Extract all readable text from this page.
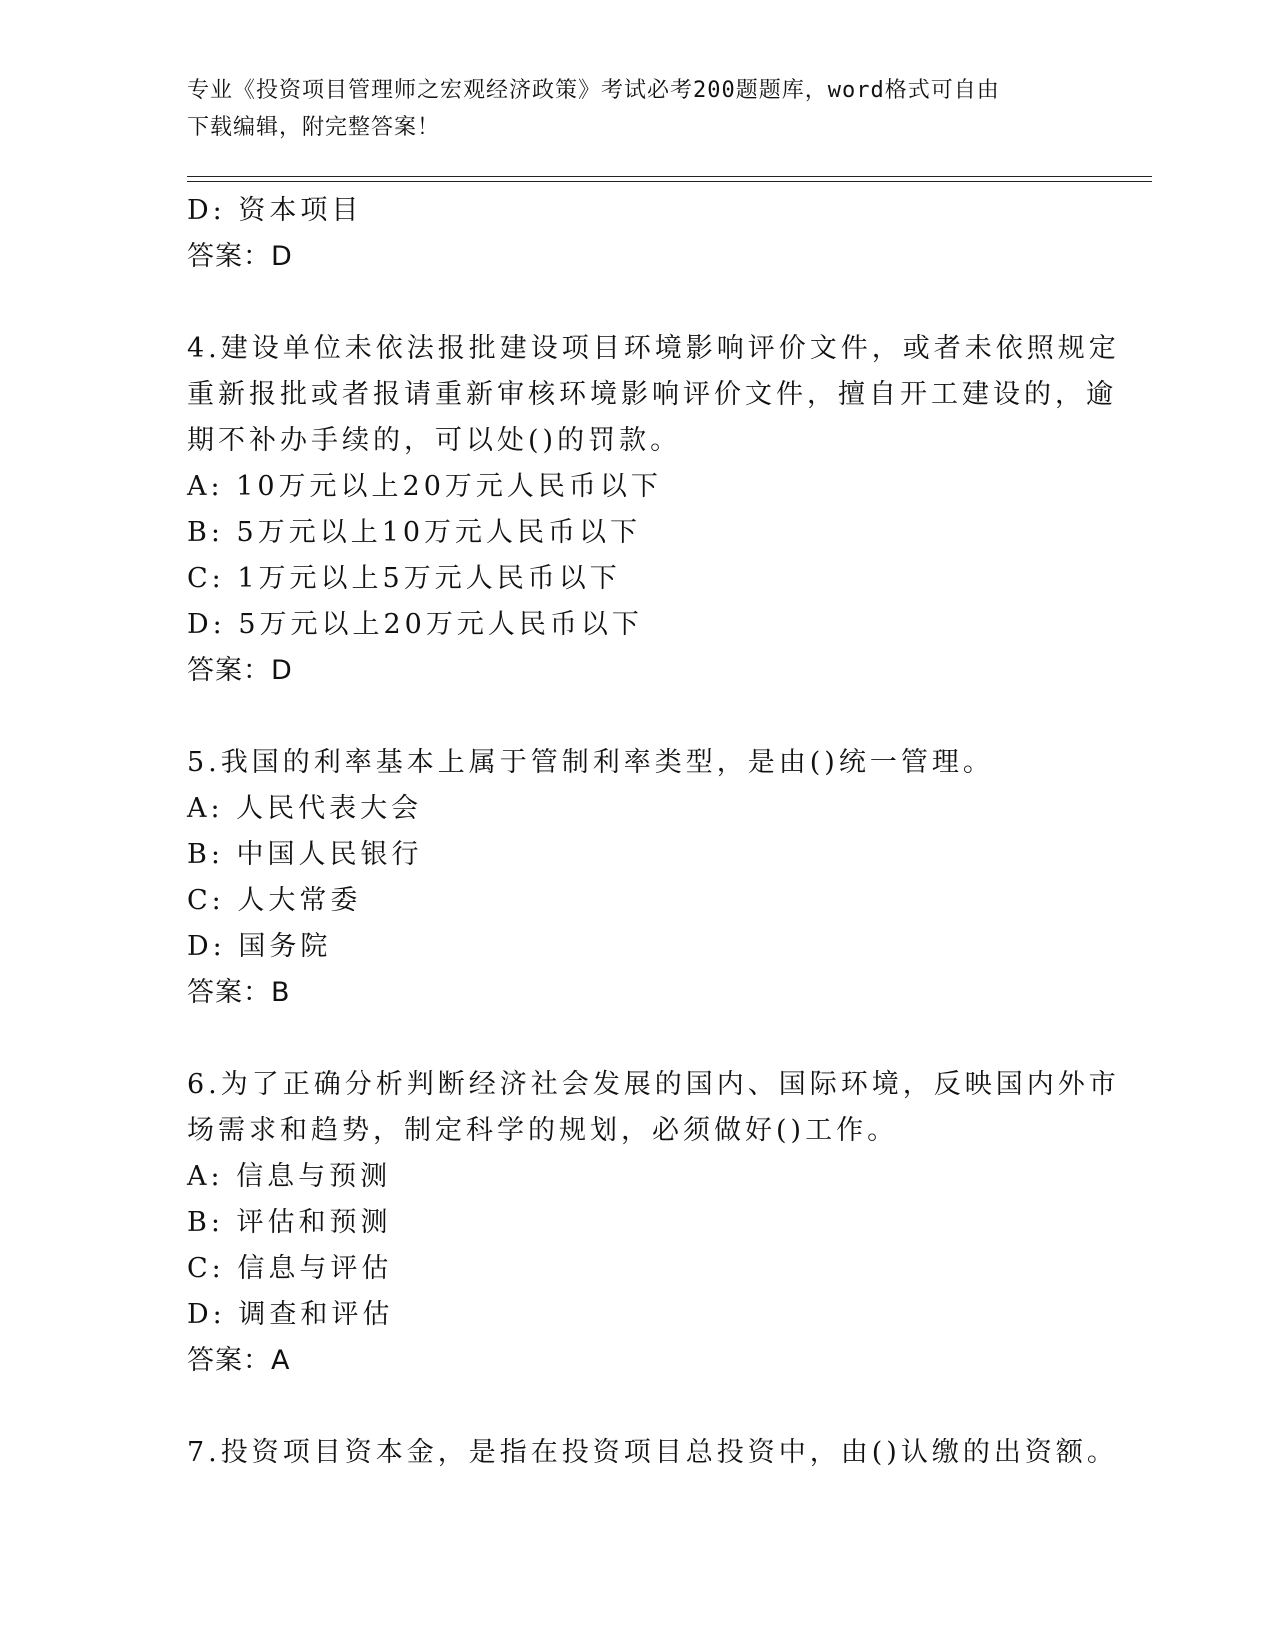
专业《投资项目管理师之宏观经济政策》考试必考200题题库，word格式可自由
下载编辑，附完整答案！

D: 资本项目

答案：D

4.建设单位未依法报批建设项目环境影响评价文件，或者未依照规定

重新报批或者报请重新审核环境影响评价文件，擅自开工建设的，逾

期不补办手续的，可以处()的罚款。

A: 10万元以上20万元人民币以下

B: 5万元以上10万元人民币以下

C: 1万元以上5万元人民币以下

D: 5万元以上20万元人民币以下

答案：D

5.我国的利率基本上属于管制利率类型，是由()统一管理。

A: 人民代表大会

B: 中国人民银行

C: 人大常委

D: 国务院

答案：B

6.为了正确分析判断经济社会发展的国内、国际环境，反映国内外市

场需求和趋势，制定科学的规划，必须做好()工作。

A: 信息与预测

B: 评估和预测

C: 信息与评估

D: 调查和评估

答案：A

7.投资项目资本金，是指在投资项目总投资中，由()认缴的出资额。
